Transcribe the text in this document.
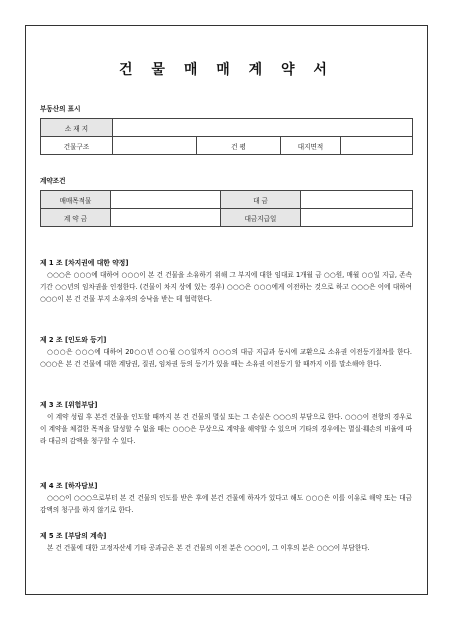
건 물 매 매 계 약 서
부동산의 표시
소 재 지				
건물구조		건 평	대지면적	
계약조건
매매목적물		대 금	
계 약 금		대금지급일	
제 1 조 [차지권에 대한 약정]
○○○은 ○○○에 대하여 ○○○이 본 건 건물을 소유하기 위해 그 부지에 대한 임대료 1개월 금 ○○원, 매월 ○○일 지급, 존속기간 ○○년의 임차권을 인정한다. (건물이 차지 상에 있는 경우) ○○○은 ○○○에게 이전하는 것으로 하고 ○○○은 이에 대하여 ○○○이 본 건 건물 부지 소유자의 승낙을 받는 데 협력한다.
제 2 조 [인도와 등기]
○○○은 ○○○에 대하여 20○○년 ○○월 ○○일까지 ○○○의 대금 지급과 동시에 교환으로 소유권 이전등기절차를 한다. ○○○은 본 건 건물에 대한 계당권, 질권, 임차권 등의 등기가 있을 때는 소유권 이전등기 할 때까지 이를 말소해야 한다.
제 3 조 [위험부담]
이 계약 성립 후 본건 건물을 인도할 때까지 본 건 건물의 멸실 또는 그 손실은 ○○○의 부담으로 한다. ○○○이 전항의 경우로 이 계약을 체결한 목적을 달성할 수 없을 때는 ○○○은 무상으로 계약을 해약할 수 있으며 기타의 경우에는 멸실·훼손의 비율에 따라 대금의 감액을 청구할 수 있다.
제 4 조 [하자담보]
○○○이 ○○○으로부터 본 건 건물의 인도를 받은 후에 본건 건물에 하자가 있다고 해도 ○○○은 이를 이유로 해약 또는 대금 감액의 청구를 하지 않기로 한다.
제 5 조 [부담의 계속]
본 건 건물에 대한 고정자산세 기타 공과금은 본 건 건물의 이전 분은 ○○○이, 그 이후의 분은 ○○○이 부담한다.
